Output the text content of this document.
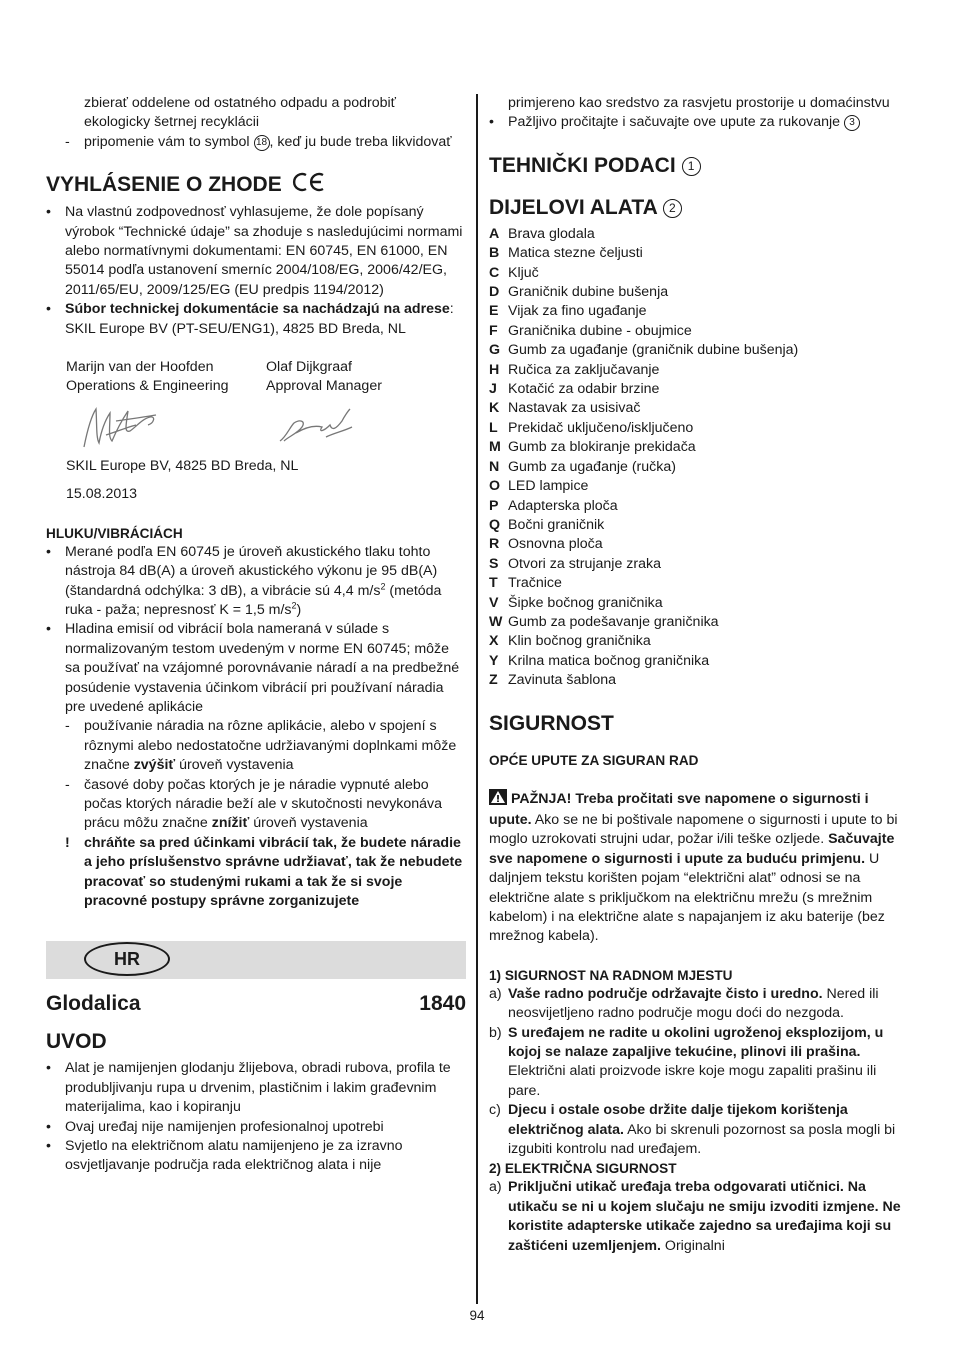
zbierať oddelene od ostatného odpadu a podrobiť ekologicky šetrnej recyklácii

- pripomenie vám to symbol 18 , keď ju bude treba likvidovať
VYHLÁSENIE O ZHODE
• Na vlastnú zodpovednosť vyhlasujeme, že dole popísaný výrobok “Technické údaje” sa zhoduje s nasledujúcimi normami alebo normatívnymi dokumentami: EN 60745, EN 61000, EN 55014 podľa ustanovení smerníc 2004/108/EG, 2006/42/EG, 2011/65/EU, 2009/125/EG (EU predpis 1194/2012)
• Súbor technickej dokumentácie sa nachádzajú na adrese: SKIL Europe BV (PT-SEU/ENG1), 4825 BD Breda, NL

Marijn van der Hoofden

Operations & Engineering

Olaf Dijkgraaf

Approval Manager

SKIL Europe BV, 4825 BD Breda, NL

15.08.2013

HLUKU/VIBRÁCIÁCH
• Merané podľa EN 60745 je úroveň akustického tlaku tohto nástroja 84 dB(A) a úroveň akustického výkonu je 95 dB(A) (štandardná odchýlka: 3 dB), a vibrácie sú 4,4 $m/s^2$ (metóda ruka - paža; nepresnosť K = 1,5 $m/s^2$)
• Hladina emisií od vibrácií bola nameraná v súlade s normalizovaným testom uvedeným v norme EN 60745; môže sa používať na vzájomné porovnávanie náradí a na predbežné posúdenie vystavenia účinkom vibrácií pri používaní náradia pre uvedené aplikácie
- používanie náradia na rôzne aplikácie, alebo v spojení s rôznymi alebo nedostatočne udržiavanými doplnkami môže značne zvýšiť úroveň vystavenia
- časové doby počas ktorých je je náradie vypnuté alebo počas ktorých náradie beží ale v skutočnosti nevykonáva prácu môžu značne znížiť úroveň vystavenia
! chráňte sa pred účinkami vibrácií tak, že budete náradie a jeho príslušenstvo správne udržiavať, tak že nebudete pracovať so studenými rukami a tak že si svoje pracovné postupy správne zorganizujete
HR
Glodalica	1840
UVOD
• Alat je namijenjen glodanju žlijebova, obradi rubova, profila te produbljivanju rupa u drvenim, plastičnim i lakim građevnim materijalima, kao i kopiranju
• Ovaj uređaj nije namijenjen profesionalnoj upotrebi
• Svjetlo na električnom alatu namijenjeno je za izravno osvjetljavanje područja rada električnog alata i nije

primjereno kao sredstvo za rasvjetu prostorije u domaćinstvu

• Pažljivo pročitajte i sačuvajte ove upute za rukovanje 3
TEHNIČKI PODACI 1
DIJELOVI ALATA 2
A Brava glodala
B Matica stezne čeljusti
C Ključ
D Graničnik dubine bušenja
E Vijak za fino ugađanje
F Graničnika dubine - obujmice
G Gumb za ugađanje (graničnik dubine bušenja)
H Ručica za zaključavanje
J Kotačić za odabir brzine
K Nastavak za usisivač
L Prekidač uključeno/isključeno
M Gumb za blokiranje prekidača
N Gumb za ugađanje (ručka)
O LED lampice
P Adapterska ploča
Q Bočni graničnik
R Osnovna ploča
S Otvori za strujanje zraka
T Tračnice
V Šipke bočnog graničnika
W Gumb za podešavanje graničnika
X Klin bočnog graničnika
Y Krilna matica bočnog graničnika
Z Zavinuta šablona
SIGURNOST
OPĆE UPUTE ZA SIGURAN RAD

PAŽNJA! Treba pročitati sve napomene o sigurnosti i upute. Ako se ne bi poštivale napomene o sigurnosti i upute to bi moglo uzrokovati strujni udar, požar i/ili teške ozljede. Sačuvajte sve napomene o sigurnosti i upute za buduću primjenu. U daljnjem tekstu korišten pojam “električni alat” odnosi se na električne alate s priključkom na električnu mrežu (s mrežnim kabelom) i na električne alate s napajanjem iz aku baterije (bez mrežnog kabela).

1) SIGURNOST NA RADNOM MJESTU
a) Vaše radno područje održavajte čisto i uredno. Nered ili neosvijetljeno radno područje mogu doći do nezgoda.
b) S uređajem ne radite u okolini ugroženoj eksplozijom, u kojoj se nalaze zapaljive tekućine, plinovi ili prašina. Električni alati proizvode iskre koje mogu zapaliti prašinu ili pare.
c) Djecu i ostale osobe držite dalje tijekom korištenja električnog alata. Ako bi skrenuli pozornost sa posla mogli bi izgubiti kontrolu nad uređajem.
2) ELEKTRIČNA SIGURNOST
a) Priključni utikač uređaja treba odgovarati utičnici. Na utikaču se ni u kojem slučaju ne smiju izvoditi izmjene. Ne koristite adapterske utikače zajedno sa uređajima koji su zaštićeni uzemljenjem. Originalni
94
